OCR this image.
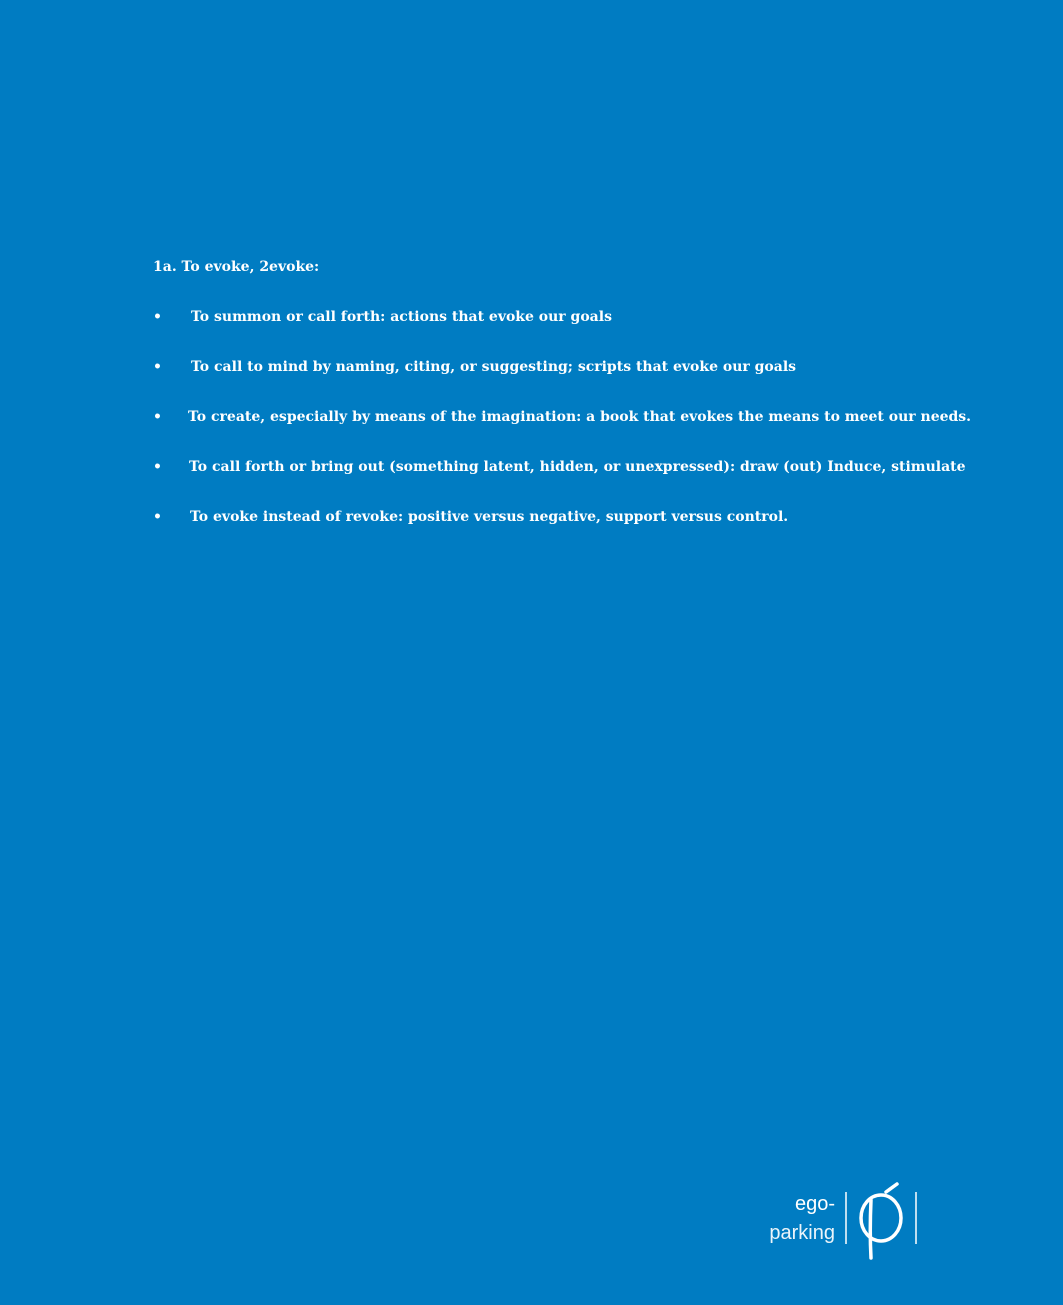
1a. To evoke, 2evoke:
• To summon or call forth: actions that evoke our goals
• To call to mind by naming, citing, or suggesting; scripts that evoke our goals
• To create, especially by means of the imagination: a book that evokes the means to meet our needs.
• To call forth or bring out (something latent, hidden, or unexpressed): draw (out) Induce, stimulate
• To evoke instead of revoke: positive versus negative, support versus control.
ego-
parking
